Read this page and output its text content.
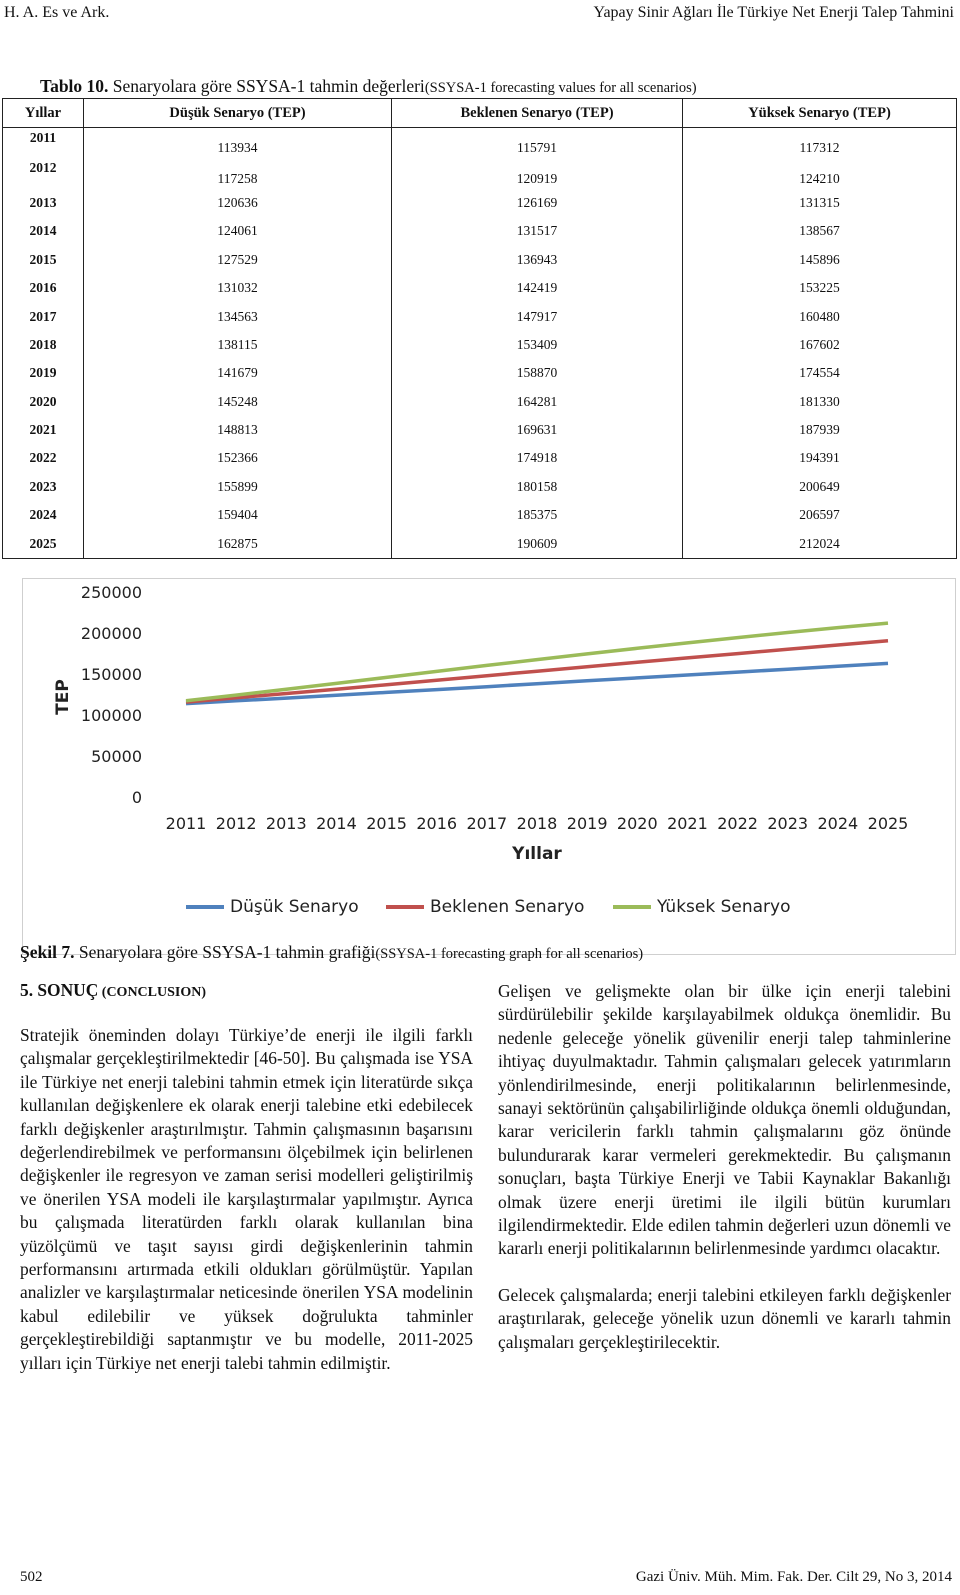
H. A. Es ve Ark.	Yapay Sinir Ağları İle Türkiye Net Enerji Talep Tahmini
Tablo 10. Senaryolara göre SSYSA-1 tahmin değerleri(SSYSA-1 forecasting values for all scenarios)
Yıllar	Düşük Senaryo (TEP)	Beklenen Senaryo (TEP)	Yüksek Senaryo (TEP)
2011	113934	115791	117312
2012	117258	120919	124210
2013	120636	126169	131315
2014	124061	131517	138567
2015	127529	136943	145896
2016	131032	142419	153225
2017	134563	147917	160480
2018	138115	153409	167602
2019	141679	158870	174554
2020	145248	164281	181330
2021	148813	169631	187939
2022	152366	174918	194391
2023	155899	180158	200649
2024	159404	185375	206597
2025	162875	190609	212024
250000
200000
150000
100000
50000
0
2011 2012 2013 2014 2015 2016 2017 2018 2019 2020 2021 2022 2023 2024 2025
TEP
Yıllar
Düşük Senaryo	Beklenen Senaryo	Yüksek Senaryo
Şekil 7. Senaryolara göre SSYSA-1 tahmin grafiği(SSYSA-1 forecasting graph for all scenarios)
5. SONUÇ (CONCLUSION)

Stratejik öneminden dolayı Türkiye’de enerji ile ilgili farklı çalışmalar gerçekleştirilmektedir [46-50]. Bu çalışmada ise YSA ile Türkiye net enerji talebini tahmin etmek için literatürde sıkça kullanılan değişkenlere ek olarak enerji talebine etki edebilecek farklı değişkenler araştırılmıştır. Tahmin çalışmasının başarısını değerlendirebilmek ve performansını ölçebilmek için belirlenen değişkenler ile regresyon ve zaman serisi modelleri geliştirilmiş ve önerilen YSA modeli ile karşılaştırmalar yapılmıştır. Ayrıca bu çalışmada literatürden farklı olarak kullanılan bina yüzölçümü ve taşıt sayısı girdi değişkenlerinin tahmin performansını artırmada etkili oldukları görülmüştür. Yapılan analizler ve karşılaştırmalar neticesinde önerilen YSA modelinin kabul edilebilir ve yüksek doğrulukta tahminler gerçekleştirebildiği saptanmıştır ve bu modelle, 2011-2025 yılları için Türkiye net enerji talebi tahmin edilmiştir.

Gelişen ve gelişmekte olan bir ülke için enerji talebini sürdürülebilir şekilde karşılayabilmek oldukça önemlidir. Bu nedenle geleceğe yönelik güvenilir enerji talep tahminlerine ihtiyaç duyulmaktadır. Tahmin çalışmaları gelecek yatırımların yönlendirilmesinde, enerji politikalarının belirlenmesinde, sanayi sektörünün çalışabilirliğinde oldukça önemli olduğundan, karar vericilerin farklı tahmin çalışmalarını göz önünde bulundurarak karar vermeleri gerekmektedir. Bu çalışmanın sonuçları, başta Türkiye Enerji ve Tabii Kaynaklar Bakanlığı olmak üzere enerji üretimi ile ilgili bütün kurumları ilgilendirmektedir. Elde edilen tahmin değerleri uzun dönemli ve kararlı enerji politikalarının belirlenmesinde yardımcı olacaktır.

Gelecek çalışmalarda; enerji talebini etkileyen farklı değişkenler araştırılarak, geleceğe yönelik uzun dönemli ve kararlı tahmin çalışmaları gerçekleştirilecektir.

502	Gazi Üniv. Müh. Mim. Fak. Der. Cilt 29, No 3, 2014
